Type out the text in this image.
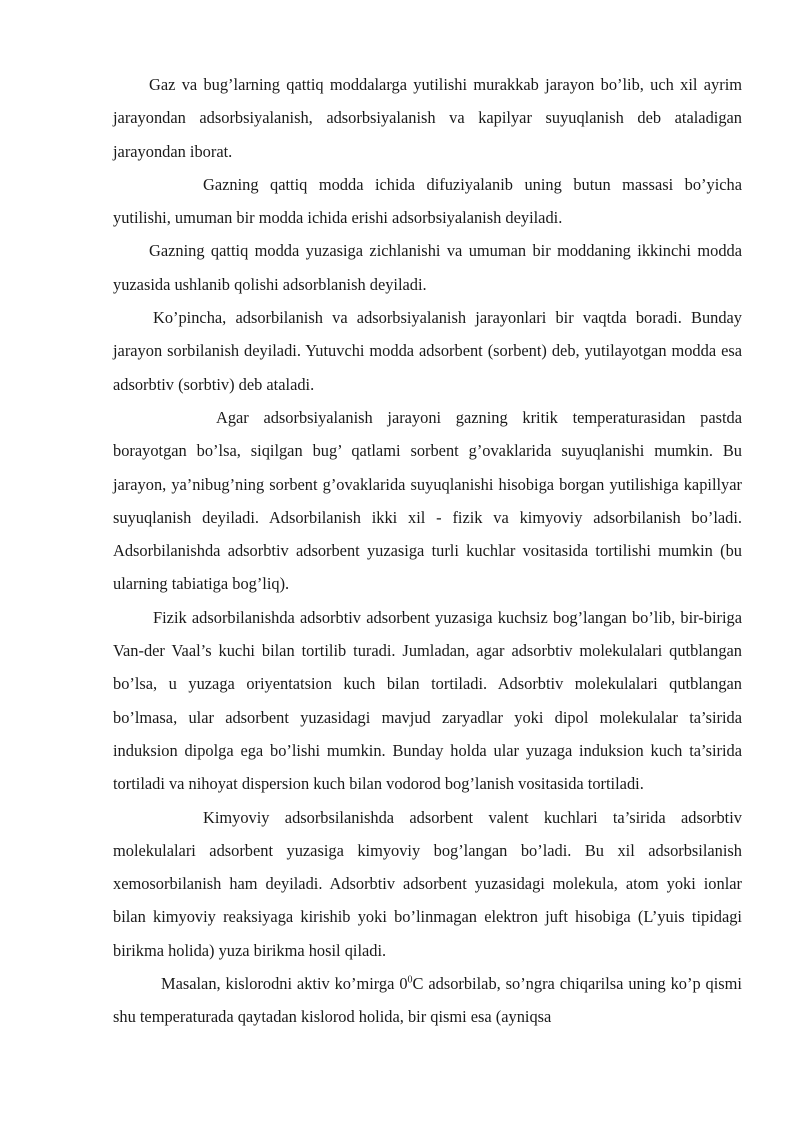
Gaz va bug’larning qattiq moddalarga yutilishi murakkab jarayon bo’lib, uch xil ayrim jarayondan adsorbsiyalanish, adsorbsiyalanish va kapilyar suyuqlanish deb ataladigan jarayondan iborat.

Gazning qattiq modda ichida difuziyalanib uning butun massasi bo’yicha yutilishi, umuman bir modda ichida erishi adsorbsiyalanish deyiladi.

Gazning qattiq modda yuzasiga zichlanishi va umuman bir moddaning ikkinchi modda yuzasida ushlanib qolishi adsorblanish deyiladi.

Ko’pincha, adsorbilanish va adsorbsiyalanish jarayonlari bir vaqtda boradi. Bunday jarayon sorbilanish deyiladi. Yutuvchi modda adsorbent (sorbent) deb, yutilayotgan modda esa adsorbtiv (sorbtiv) deb ataladi.

Agar adsorbsiyalanish jarayoni gazning kritik temperaturasidan pastda borayotgan bo’lsa, siqilgan bug’ qatlami sorbent g’ovaklarida suyuqlanishi mumkin. Bu jarayon, ya’nibug’ning sorbent g’ovaklarida suyuqlanishi hisobiga borgan yutilishiga kapillyar suyuqlanish deyiladi. Adsorbilanish ikki xil - fizik va kimyoviy adsorbilanish bo’ladi. Adsorbilanishda adsorbtiv adsorbent yuzasiga turli kuchlar vositasida tortilishi mumkin (bu ularning tabiatiga bog’liq).

Fizik adsorbilanishda adsorbtiv adsorbent yuzasiga kuchsiz bog’langan bo’lib, bir-biriga Van-der Vaal’s kuchi bilan tortilib turadi. Jumladan, agar adsorbtiv molekulalari qutblangan bo’lsa, u yuzaga oriyentatsion kuch bilan tortiladi. Adsorbtiv molekulalari qutblangan bo’lmasa, ular adsorbent yuzasidagi mavjud zaryadlar yoki dipol molekulalar ta’sirida induksion dipolga ega bo’lishi mumkin. Bunday holda ular yuzaga induksion kuch ta’sirida tortiladi va nihoyat dispersion kuch bilan vodorod bog’lanish vositasida tortiladi.

Kimyoviy adsorbsilanishda adsorbent valent kuchlari ta’sirida adsorbtiv molekulalari adsorbent yuzasiga kimyoviy bog’langan bo’ladi. Bu xil adsorbsilanish xemosorbilanish ham deyiladi. Adsorbtiv adsorbent yuzasidagi molekula, atom yoki ionlar bilan kimyoviy reaksiyaga kirishib yoki bo’linmagan elektron juft hisobiga (L’yuis tipidagi birikma holida) yuza birikma hosil qiladi.

Masalan, kislorodni aktiv ko’mirga $0^0C$ adsorbilab, so’ngra chiqarilsa uning ko’p qismi shu temperaturada qaytadan kislorod holida, bir qismi esa (ayniqsa
